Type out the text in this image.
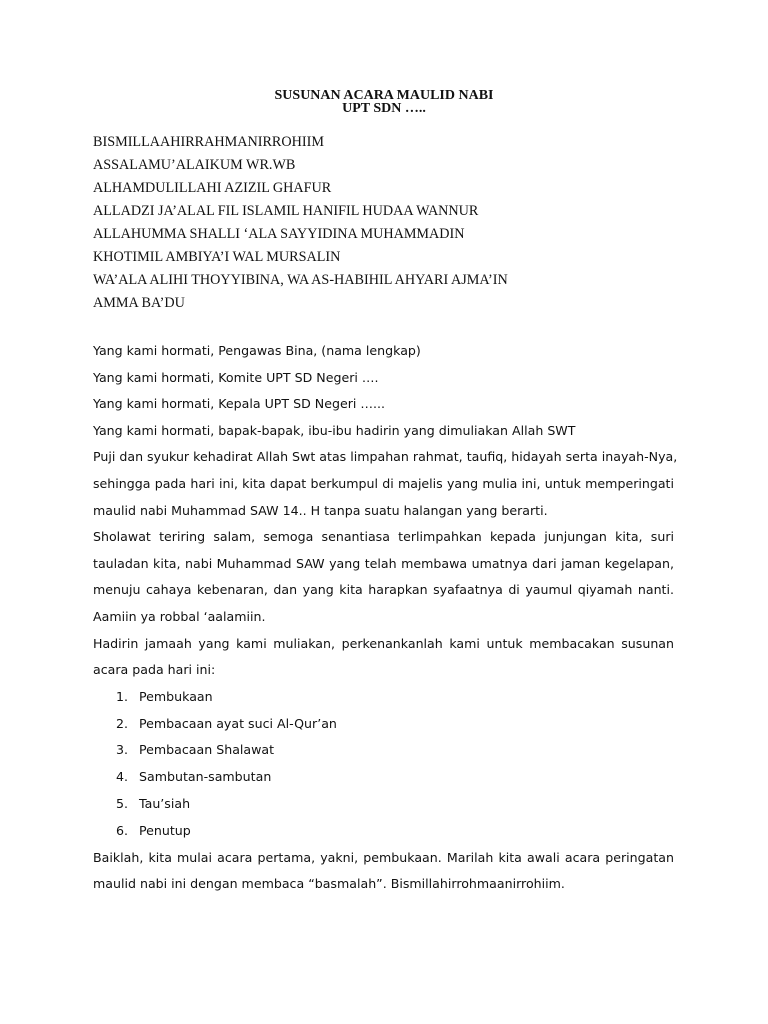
SUSUNAN ACARA MAULID NABI
UPT SDN …..
BISMILLAAHIRRAHMANIRROHIIM
ASSALAMU’ALAIKUM WR.WB
ALHAMDULILLAHI AZIZIL GHAFUR
ALLADZI JA’ALAL FIL ISLAMIL HANIFIL HUDAA WANNUR
ALLAHUMMA SHALLI ‘ALA SAYYIDINA MUHAMMADIN
KHOTIMIL AMBIYA’I WAL MURSALIN
WA’ALA ALIHI THOYYIBINA, WA AS-HABIHIL AHYARI AJMA’IN
AMMA BA’DU
Yang kami hormati, Pengawas Bina, (nama lengkap)
Yang kami hormati, Komite UPT SD Negeri ….
Yang kami hormati, Kepala UPT SD Negeri …...
Yang kami hormati, bapak-bapak, ibu-ibu hadirin yang dimuliakan Allah SWT
Puji dan syukur kehadirat Allah Swt atas limpahan rahmat, taufiq, hidayah serta inayah-Nya,
sehingga pada hari ini, kita dapat berkumpul di majelis yang mulia ini, untuk memperingati
maulid nabi Muhammad SAW 14.. H tanpa suatu halangan yang berarti.
Sholawat teriring salam, semoga senantiasa terlimpahkan kepada junjungan kita, suri
tauladan kita, nabi Muhammad SAW yang telah membawa umatnya dari jaman kegelapan,
menuju cahaya kebenaran, dan yang kita harapkan syafaatnya di yaumul qiyamah nanti.
Aamiin ya robbal ‘aalamiin.
Hadirin jamaah yang kami muliakan, perkenankanlah kami untuk membacakan susunan
acara pada hari ini:
1. Pembukaan
2. Pembacaan ayat suci Al-Qur’an
3. Pembacaan Shalawat
4. Sambutan-sambutan
5. Tau’siah
6. Penutup
Baiklah, kita mulai acara pertama, yakni, pembukaan. Marilah kita awali acara peringatan
maulid nabi ini dengan membaca “basmalah”. Bismillahirrohmaanirrohiim.
